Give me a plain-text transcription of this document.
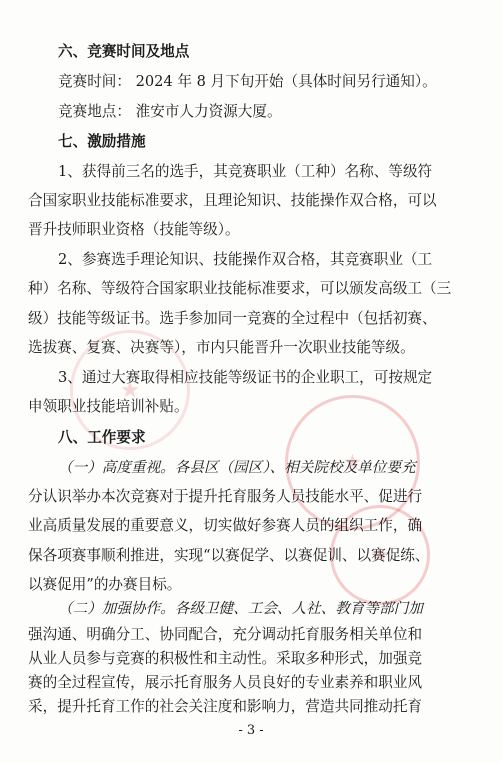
六、竞赛时间及地点
竞赛时间： 2024 年 8 月下旬开始（具体时间另行通知）。
竞赛地点： 淮安市人力资源大厦。
七、激励措施
1、获得前三名的选手，其竞赛职业（工种）名称、等级符
合国家职业技能标准要求，且理论知识、技能操作双合格，可以
晋升技师职业资格（技能等级）。
2、参赛选手理论知识、技能操作双合格，其竞赛职业（工
种）名称、等级符合国家职业技能标准要求，可以颁发高级工（三
级）技能等级证书。选手参加同一竞赛的全过程中（包括初赛、
选拔赛、复赛、决赛等），市内只能晋升一次职业技能等级。
3、通过大赛取得相应技能等级证书的企业职工，可按规定
申领职业技能培训补贴。
八、工作要求
（一）高度重视。各县区（园区）、相关院校及单位要充
分认识举办本次竞赛对于提升托育服务人员技能水平、促进行
业高质量发展的重要意义，切实做好参赛人员的组织工作，确
保各项赛事顺利推进，实现“以赛促学、以赛促训、以赛促练、
以赛促用”的办赛目标。
（二）加强协作。各级卫健、工会、人社、教育等部门加
强沟通、明确分工、协同配合，充分调动托育服务相关单位和
从业人员参与竞赛的积极性和主动性。采取多种形式，加强竞
赛的全过程宣传，展示托育服务人员良好的专业素养和职业风
- 3 -
采，提升托育工作的社会关注度和影响力，营造共同推动托育
